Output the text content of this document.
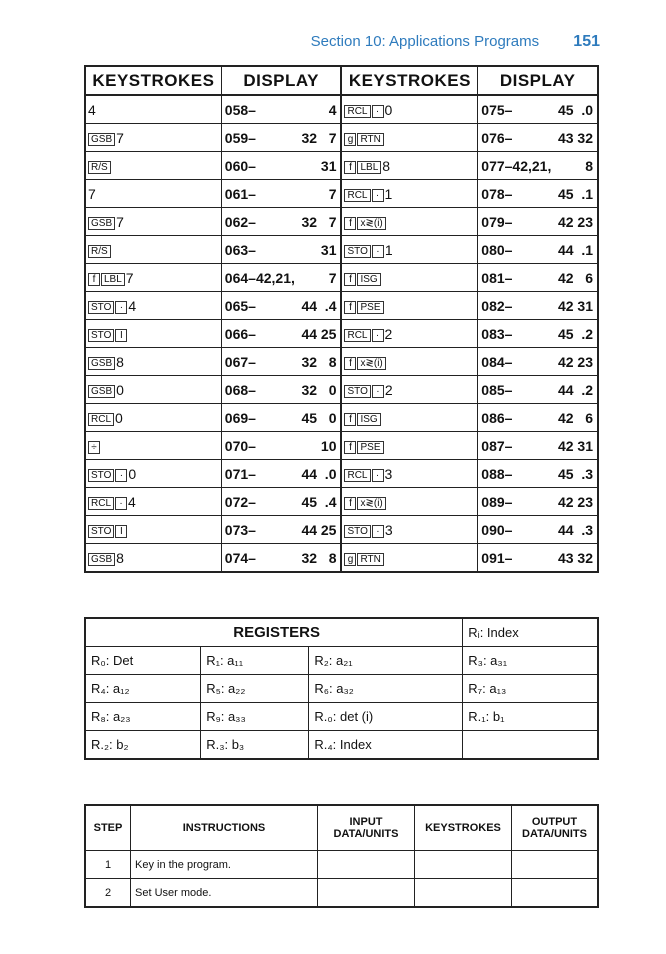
Section 10: Applications Programs 151
KEYSTROKES	DISPLAY	KEYSTROKES	DISPLAY
4	058– 4	RCL · 0	075– 45  .0

GSB 7	059– 32   7	g RTN	076– 43 32

R/S	060– 31	f LBL 8	077–42,21, 8

7	061– 7	RCL · 1	078– 45  .1

GSB 7	062– 32   7	f x≷(i)	079– 42 23

R/S	063– 31	STO · 1	080– 44  .1

f LBL 7	064–42,21, 7	f ISG	081– 42   6

STO · 4	065– 44  .4	f PSE	082– 42 31

STO I	066– 44 25	RCL · 2	083– 45  .2

GSB 8	067– 32   8	f x≷(i)	084– 42 23

GSB 0	068– 32   0	STO · 2	085– 44  .2

RCL 0	069– 45   0	f ISG	086– 42   6

÷	070– 10	f PSE	087– 42 31

STO · 0	071– 44  .0	RCL · 3	088– 45  .3

RCL · 4	072– 45  .4	f x≷(i)	089– 42 23

STO I	073– 44 25	STO · 3	090– 44  .3

GSB 8	074– 32   8	g RTN	091– 43 32
REGISTERS			Rᵢ: Index
R₀: Det	R₁: a₁₁	R₂: a₂₁	R₃: a₃₁
R₄: a₁₂	R₅: a₂₂	R₆: a₃₂	R₇: a₁₃
R₈: a₂₃	R₉: a₃₃	R.₀: det (i)	R.₁: b₁
R.₂: b₂	R.₃: b₃	R.₄: Index	
STEP	INSTRUCTIONS	INPUT DATA/UNITS	KEYSTROKES	OUTPUT DATA/UNITS
1	Key in the program.			
2	Set User mode.			
